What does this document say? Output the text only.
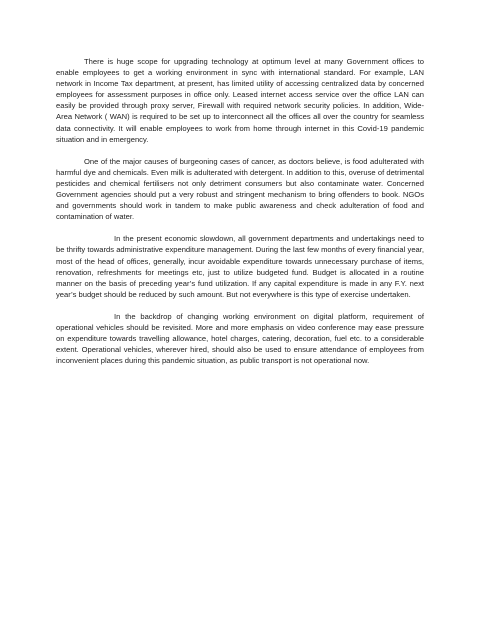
There is huge scope for upgrading technology at optimum level at many Government offices to enable employees to get a working environment in sync with international standard. For example, LAN network in Income Tax department, at present, has limited utility of accessing centralized data by concerned employees for assessment purposes in office only. Leased internet access service over the office LAN can easily be provided through proxy server, Firewall with required network security policies. In addition, Wide-Area Network ( WAN) is required to be set up to interconnect all the offices all over the country for seamless data connectivity. It will enable employees to work from home through internet in this Covid-19 pandemic situation and in emergency.

One of the major causes of burgeoning cases of cancer, as doctors believe, is food adulterated with harmful dye and chemicals. Even milk is adulterated with detergent. In addition to this, overuse of detrimental pesticides and chemical fertilisers not only detriment consumers but also contaminate water. Concerned Government agencies should put a very robust and stringent mechanism to bring offenders to book. NGOs and governments should work in tandem to make public awareness and check adulteration of food and contamination of water.

In the present economic slowdown, all government departments and undertakings need to be thrifty towards administrative expenditure management. During the last few months of every financial year, most of the head of offices, generally, incur avoidable expenditure towards unnecessary purchase of items, renovation, refreshments for meetings etc, just to utilize budgeted fund. Budget is allocated in a routine manner on the basis of preceding year’s fund utilization. If any capital expenditure is made in any F.Y. next year’s budget should be reduced by such amount. But not everywhere is this type of exercise undertaken.

In the backdrop of changing working environment on digital platform, requirement of operational vehicles should be revisited. More and more emphasis on video conference may ease pressure on expenditure towards travelling allowance, hotel charges, catering, decoration, fuel etc. to a considerable extent. Operational vehicles, wherever hired, should also be used to ensure attendance of employees from inconvenient places during this pandemic situation, as public transport is not operational now.
